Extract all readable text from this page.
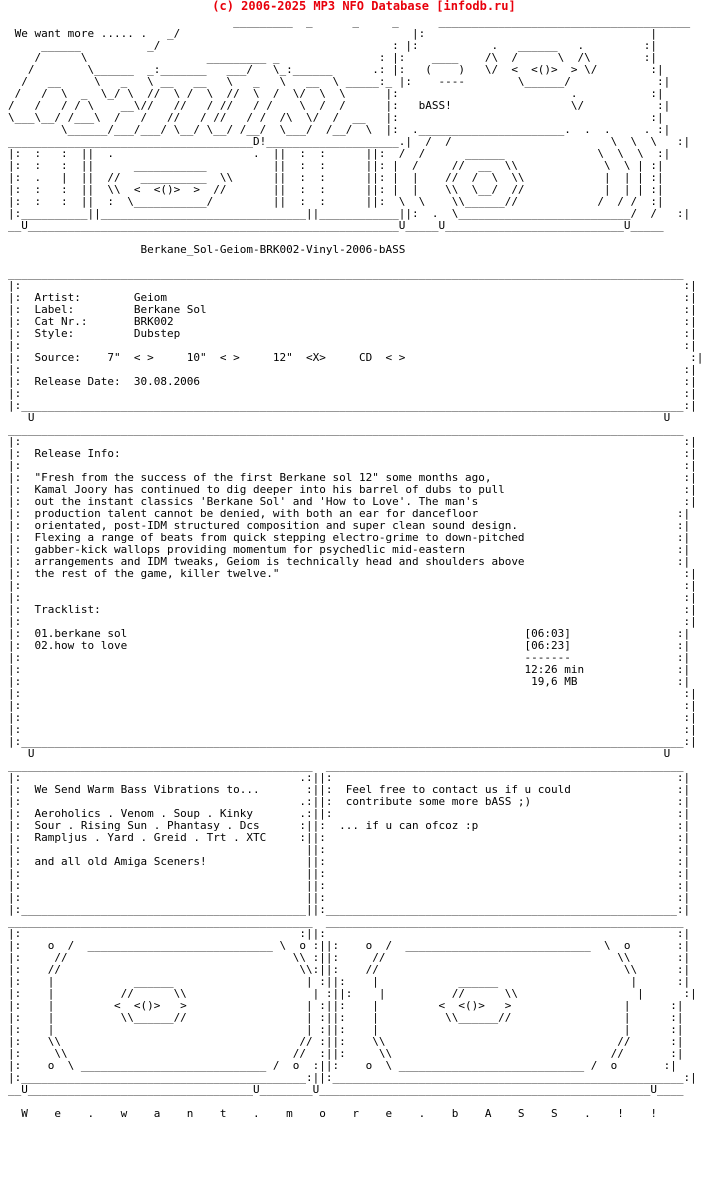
(c) 2006-2025 MP3 NFO Database [infodb.ru]
_________  _      _     _      ______________________________________
We want more ..... .   _/                                   |:                                  |
______          _/                                   : |:           .   ______   .         :|
/      \                  _________ _               : |:    ____    /\  /      \  /\        :|
/        \______  _:_______   ___/   \_:______      .: |:   (    )   \/  <  <()>  > \/        :|
/   __     \   _   \ __   __   \   _   \   __  \ _____:_ |:    ----        \______/             :|
/   /  \  _  \_/ \  //  \ /  \  //  \  /  \/  \  \      |:                          .           :|
/   /   / / \    __\//   //   / //   / /    \  /  /      |:   bASS!                  \/           :|
\___\__/ /___\  /   /   //   / //   / /  /\  \/  /  __   |:                                      :|
\______/___/___/ \__/ \__/ /__/  \___/  /__/  \  |:  .______________________.  .  .     . :|
_____________________________________D!____________________.|  /  /                        \  \  \   :|
|:  :   :  ||  .                     .  ||  :  :      ||:  /  /      ______              \  \  \  :|
|:  :   :  ||      ___________          ||  :  :      ||: |  /     //  __  \\             \  \ | :|
|:  .   |  ||  //   __________  \\      ||  :  :      ||: |  |    //  /  \  \\            |  | | :|
|:  :   :  ||  \\  <  <()>  >  //       ||  :  :      ||: |  |    \\  \__/  //            |  | | :|
|:  :   :  ||  :  \___________/         ||  :  :      ||:  \  \    \\______//            /  / /  :|
|:__________||_______________________________||____________||:  .  \__________________________/  /   :|
__U________________________________________________________U_____U___________________________U_____

Berkane_Sol-Geiom-BRK002-Vinyl-2006-bASS

______________________________________________________________________________________________________
|:                                                                                                    :|
|:  Artist:        Geiom                                                                              :|
|:  Label:         Berkane Sol                                                                        :|
|:  Cat Nr.:       BRK002                                                                             :|
|:  Style:         Dubstep                                                                            :|
|:                                                                                                    :|
|:  Source:    7"  < >     10"  < >     12"  <X>     CD  < >                                           :|
|:                                                                                                    :|
|:  Release Date:  30.08.2006                                                                         :|
|:                                                                                                    :|
|:____________________________________________________________________________________________________:|
U                                                                                               U
______________________________________________________________________________________________________
|:                                                                                                    :|
|:  Release Info:                                                                                     :|
|:                                                                                                    :|
|:  "Fresh from the success of the first Berkane sol 12" some months ago,                             :|
|:  Kamal Joory has continued to dig deeper into his barrel of dubs to pull                           :|
|:  out the instant classics 'Berkane Sol' and 'How to Love'. The man's                               :|
|:  production talent cannot be denied, with both an ear for dancefloor                              :|
|:  orientated, post-IDM structured composition and super clean sound design.                        :|
|:  Flexing a range of beats from quick stepping electro-grime to down-pitched                       :|
|:  gabber-kick wallops providing momentum for psychedlic mid-eastern                                :|
|:  arrangements and IDM tweaks, Geiom is technically head and shoulders above                       :|
|:  the rest of the game, killer twelve."                                                             :|
|:                                                                                                    :|
|:                                                                                                    :|
|:  Tracklist:                                                                                        :|
|:                                                                                                    :|
|:  01.berkane sol                                                            [06:03]                :|
|:  02.how to love                                                            [06:23]                :|
|:                                                                            -------                :|
|:                                                                            12:26 min              :|
|:                                                                             19,6 MB               :|
|:                                                                                                    :|
|:                                                                                                    :|
|:                                                                                                    :|
|:                                                                                                    :|
|:____________________________________________________________________________________________________:|
U                                                                                               U
______________________________________________  ______________________________________________________
|:                                          .:||:                                                    :|
|:  We Send Warm Bass Vibrations to...       :||:  Feel free to contact us if u could                :|
|:                                          .:||:  contribute some more bASS ;)                      :|
|:  Aeroholics . Venom . Soup . Kinky       .:||:                                                    :|
|:  Sour . Rising Sun . Phantasy . Dcs      :||:  ... if u can ofcoz :p                              :|
|:  Rampljus . Yard . Greid . Trt . XTC     :||:                                                     :|
|:                                           ||:                                                     :|
|:  and all old Amiga Sceners!               ||:                                                     :|
|:                                           ||:                                                     :|
|:                                           ||:                                                     :|
|:                                           ||:                                                     :|
|:___________________________________________||:_____________________________________________________:|
______________________________________________  ______________________________________________________
|:                                          :||:                                                     :|
|:    o  /  ____________________________ \  o :||:    o  /  ____________________________  \  o       :|
|:     //                                  \\ :||:     //                                   \\       :|
|:    //                                    \\:||:    //                                     \\      :|
|:    |            ______                    | :||:    |            ______                    |      :|
|:    |          //      \\                   | :||:    |          //      \\                  |      :|
|:    |         <  <()>   >                  | :||:    |         <  <()>   >                 |      :|
|:    |          \\______//                  | :||:    |          \\______//                 |      :|
|:    |                                      | :||:    |                                     |      :|
|:    \\                                    // :||:    \\                                   //      :|
|:     \\                                  //  :||:     \\                                 //       :|
|:    o  \ ____________________________ /  o  :||:    o  \ ____________________________ /  o       :|
|:___________________________________________:||:_____________________________________________________:|
__U__________________________________U________U__________________________________________________U____

W    e    .    w    a    n    t    .    m    o    r    e    .    b    A    S    S    .    !    !
